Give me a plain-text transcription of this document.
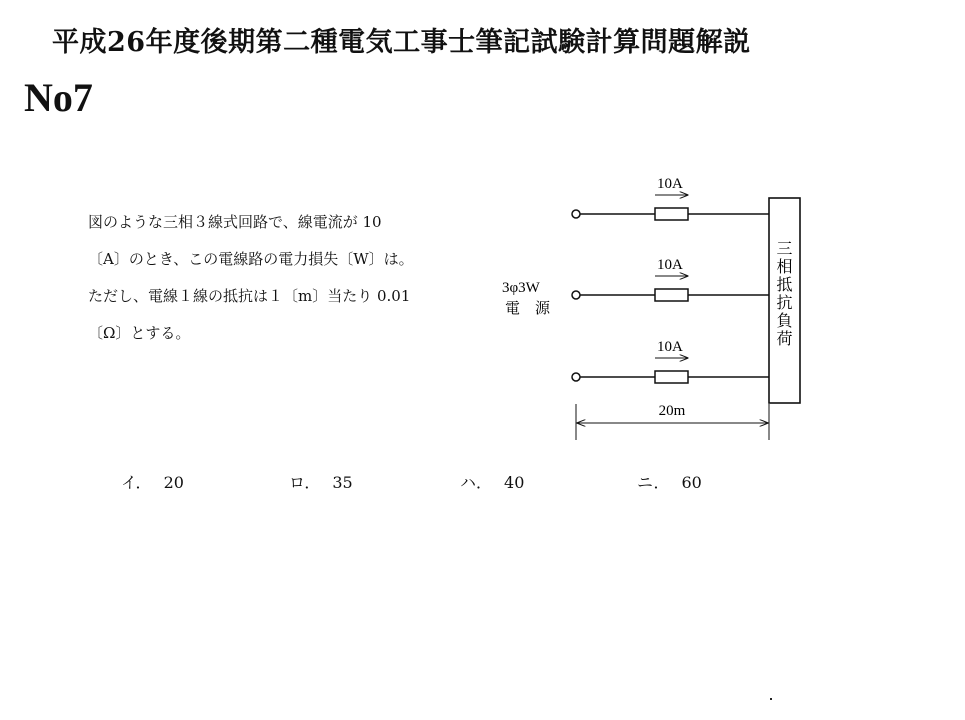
平成26年度後期第二種電気工事士筆記試験計算問題解説
No7
図のような三相３線式回路で、線電流が 10
〔A〕のとき、この電線路の電力損失〔W〕は。
ただし、電線１線の抵抗は１〔m〕当たり 0.01
〔Ω〕とする。
10A
10A
10A
3φ3W
電　源
三
相
抵
抗
負
荷
20m
イ． 20	ロ． 35	ハ． 40	ニ． 60
